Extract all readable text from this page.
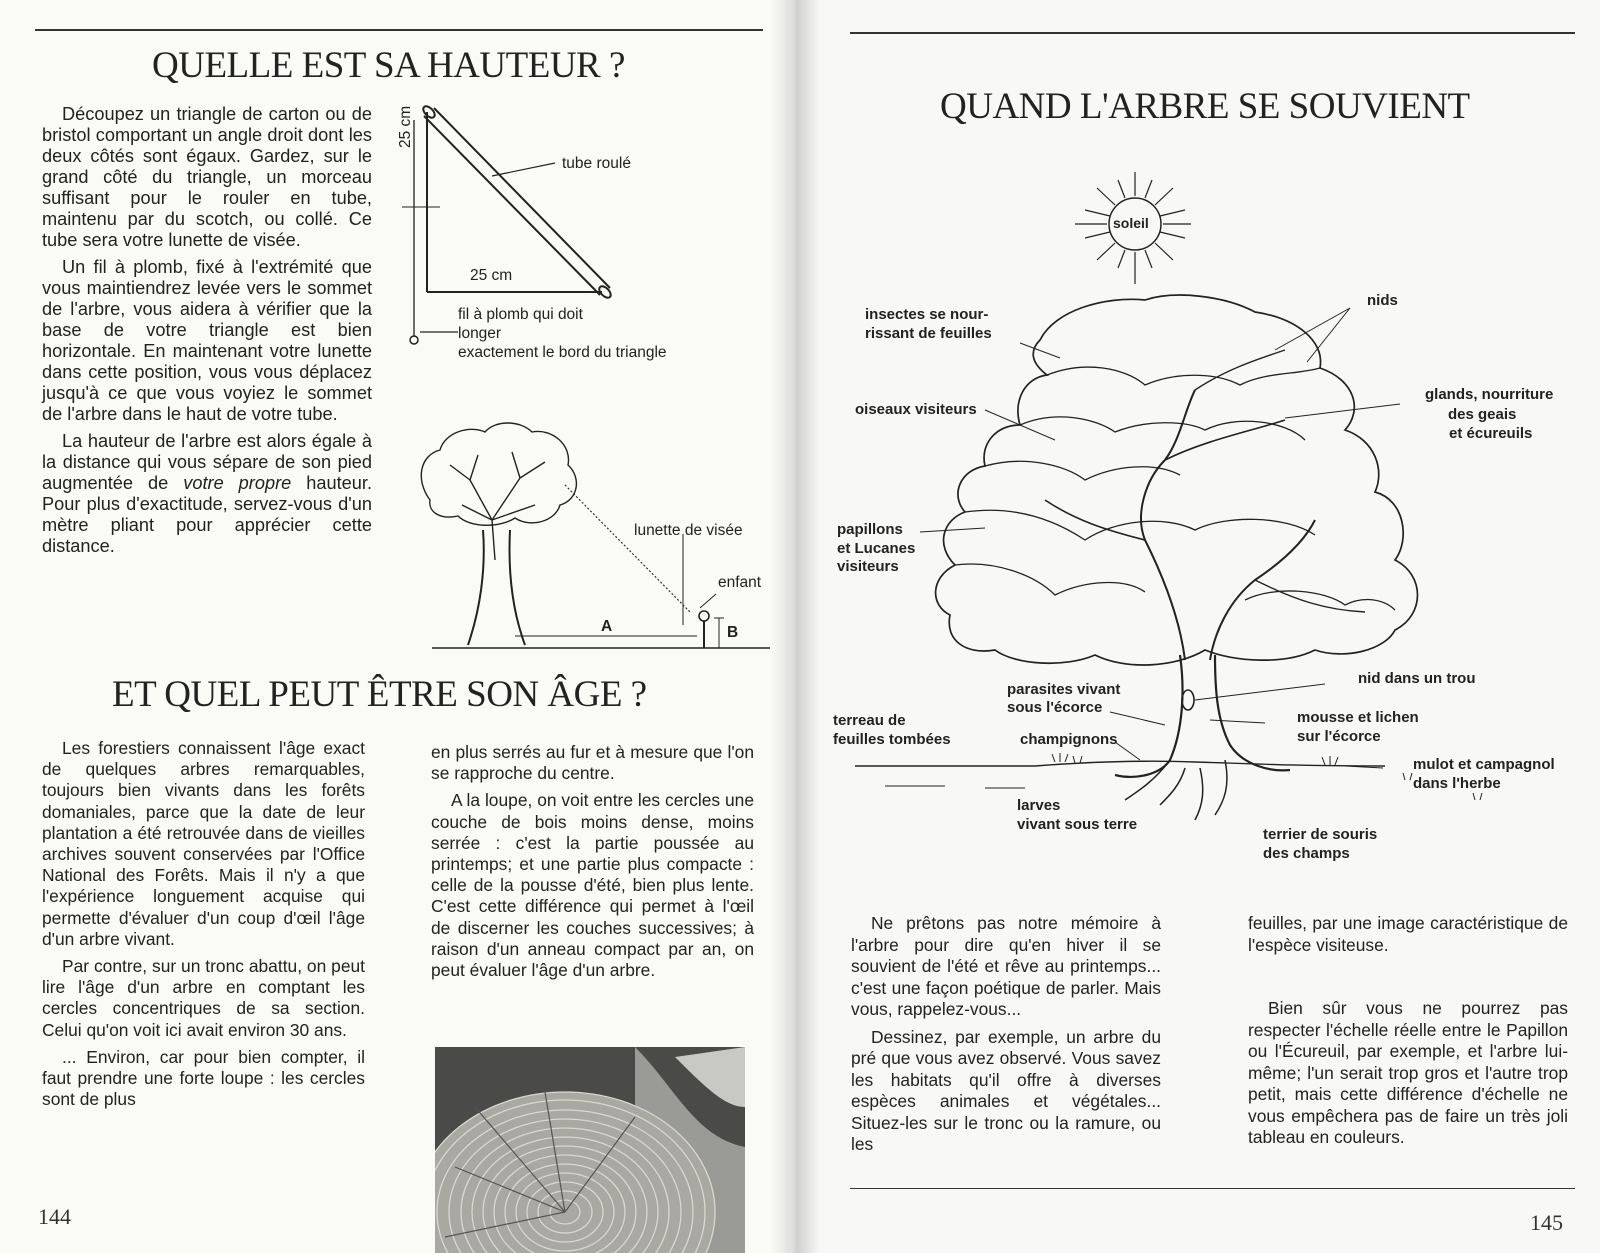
QUELLE EST SA HAUTEUR ?

Découpez un triangle de carton ou de bristol comportant un angle droit dont les deux côtés sont égaux. Gardez, sur le grand côté du triangle, un morceau suffisant pour le rouler en tube, maintenu par du scotch, ou collé. Ce tube sera votre lunette de visée.

Un fil à plomb, fixé à l'extrémité que vous maintiendrez levée vers le sommet de l'arbre, vous aidera à vérifier que la base de votre triangle est bien horizontale. En maintenant votre lunette dans cette position, vous vous déplacez jusqu'à ce que vous voyiez le sommet de l'arbre dans le haut de votre tube.

La hauteur de l'arbre est alors égale à la distance qui vous sépare de son pied augmentée de votre propre hauteur. Pour plus d'exactitude, servez-vous d'un mètre pliant pour apprécier cette distance.

25 cm
25 cm
tube roulé
fil à plomb qui doit
longer
exactement le bord du triangle
lunette de visée
enfant
A	B
ET QUEL PEUT ÊTRE SON ÂGE ?

Les forestiers connaissent l'âge exact de quelques arbres remarquables, toujours bien vivants dans les forêts domaniales, parce que la date de leur plantation a été retrouvée dans de vieilles archives souvent conservées par l'Office National des Forêts. Mais il n'y a que l'expérience longuement acquise qui permette d'évaluer d'un coup d'œil l'âge d'un arbre vivant.

Par contre, sur un tronc abattu, on peut lire l'âge d'un arbre en comptant les cercles concentriques de sa section. Celui qu'on voit ici avait environ 30 ans.

... Environ, car pour bien compter, il faut prendre une forte loupe : les cercles sont de plus

en plus serrés au fur et à mesure que l'on se rapproche du centre.

A la loupe, on voit entre les cercles une couche de bois moins dense, moins serrée : c'est la partie poussée au printemps; et une partie plus compacte : celle de la pousse d'été, bien plus lente. C'est cette différence qui permet à l'œil de discerner les couches successives; à raison d'un anneau compact par an, on peut évaluer l'âge d'un arbre.

144
QUAND L'ARBRE SE SOUVIENT
soleil
insectes se nour-
rissant de feuilles
nids
oiseaux visiteurs
glands, nourriture
des geais
et écureuils
papillons
et Lucanes
visiteurs
parasites vivant
sous l'écorce
nid dans un trou
terreau de
feuilles tombées	champignons
mousse et lichen
sur l'écorce
mulot et campagnol
dans l'herbe
larves
vivant sous terre
terrier de souris
des champs

Ne prêtons pas notre mémoire à l'arbre pour dire qu'en hiver il se souvient de l'été et rêve au printemps... c'est une façon poétique de parler. Mais vous, rappelez-vous...

Dessinez, par exemple, un arbre du pré que vous avez observé. Vous savez les habitats qu'il offre à diverses espèces animales et végétales... Situez-les sur le tronc ou la ramure, ou les

feuilles, par une image caractéristique de l'espèce visiteuse.

Bien sûr vous ne pourrez pas respecter l'échelle réelle entre le Papillon ou l'Écureuil, par exemple, et l'arbre lui-même; l'un serait trop gros et l'autre trop petit, mais cette différence d'échelle ne vous empêchera pas de faire un très joli tableau en couleurs.

145
